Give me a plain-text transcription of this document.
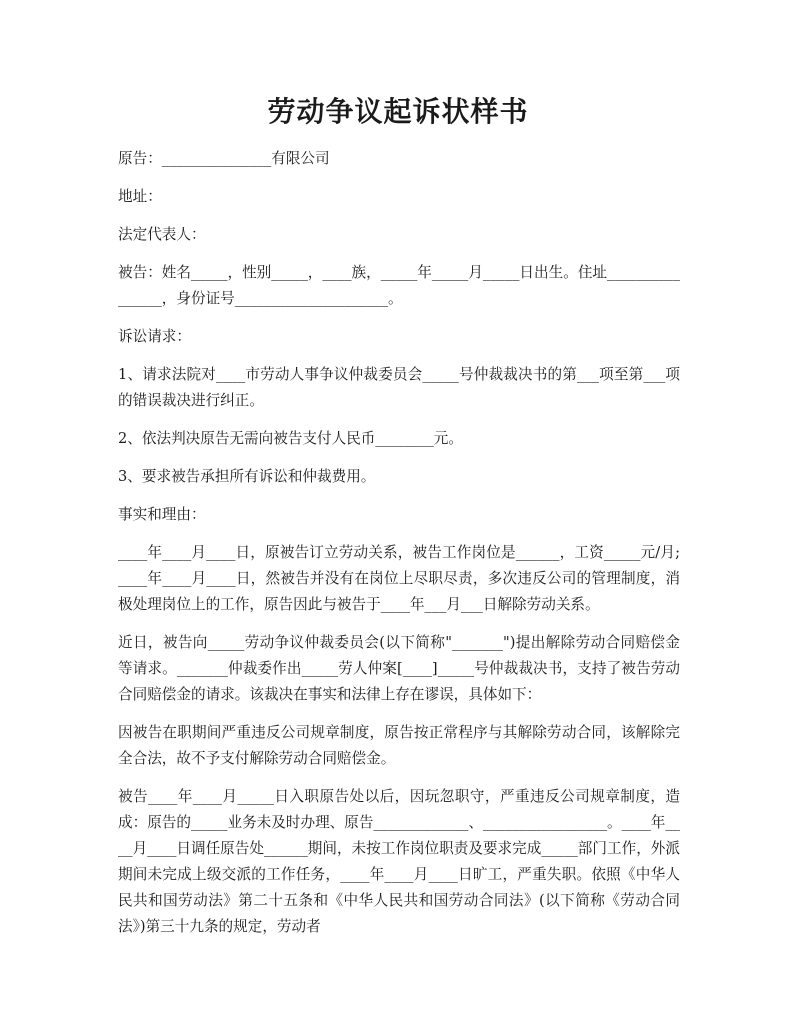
劳动争议起诉状样书

原告：_______________有限公司

地址：

法定代表人：

被告：姓名_____，性别_____，____族，_____年_____月_____日出生。住址________________，身份证号_____________________。

诉讼请求：

1、请求法院对____市劳动人事争议仲裁委员会_____号仲裁裁决书的第___项至第___项的错误裁决进行纠正。

2、依法判决原告无需向被告支付人民币________元。

3、要求被告承担所有诉讼和仲裁费用。

事实和理由：

____年____月____日，原被告订立劳动关系，被告工作岗位是______，工资_____元/月;____年____月____日，然被告并没有在岗位上尽职尽责，多次违反公司的管理制度，消极处理岗位上的工作，原告因此与被告于____年___月___日解除劳动关系。

近日，被告向_____劳动争议仲裁委员会(以下简称"_______")提出解除劳动合同赔偿金等请求。_______仲裁委作出_____劳人仲案[____]_____号仲裁裁决书，支持了被告劳动合同赔偿金的请求。该裁决在事实和法律上存在谬误，具体如下：

因被告在职期间严重违反公司规章制度，原告按正常程序与其解除劳动合同，该解除完全合法，故不予支付解除劳动合同赔偿金。

被告____年____月_____日入职原告处以后，因玩忽职守，严重违反公司规章制度，造成：原告的_____业务未及时办理、原告_____________、_________________。____年____月____日调任原告处______期间，未按工作岗位职责及要求完成_____部门工作，外派期间未完成上级交派的工作任务，____年____月____日旷工，严重失职。依照《中华人民共和国劳动法》第二十五条和《中华人民共和国劳动合同法》(以下简称《劳动合同法》)第三十九条的规定，劳动者
